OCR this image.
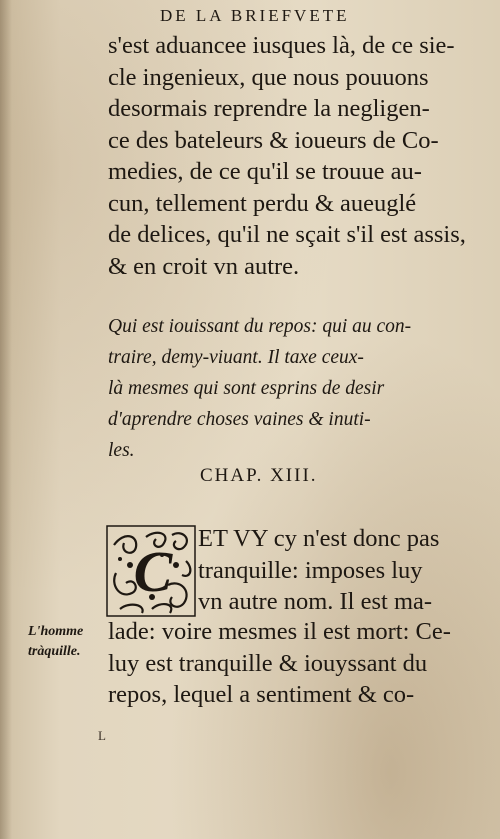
DE LA BRIEFVETE
s'est aduancee iusques là, de ce sie-
cle ingenieux, que nous pouuons
desormais reprendre la negligen-
ce des bateleurs & ioueurs de Co-
medies, de ce qu'il se trouue au-
cun, tellement perdu & aueuglé
de delices, qu'il ne sçait s'il est assis,
& en croit vn autre.
Qui est iouissant du repos: qui au con-
traire, demy-viuant. Il taxe ceux-
là mesmes qui sont esprins de desir
d'aprendre choses vaines & inuti-
les.
CHAP. XIII.
C
ET VY cy n'est donc pas
tranquille: imposes luy
vn autre nom. Il est ma-
lade: voire mesmes il est mort: Ce-
luy est tranquille & iouyssant du
repos, lequel a sentiment & co-
L'homme
tràquille.
L
